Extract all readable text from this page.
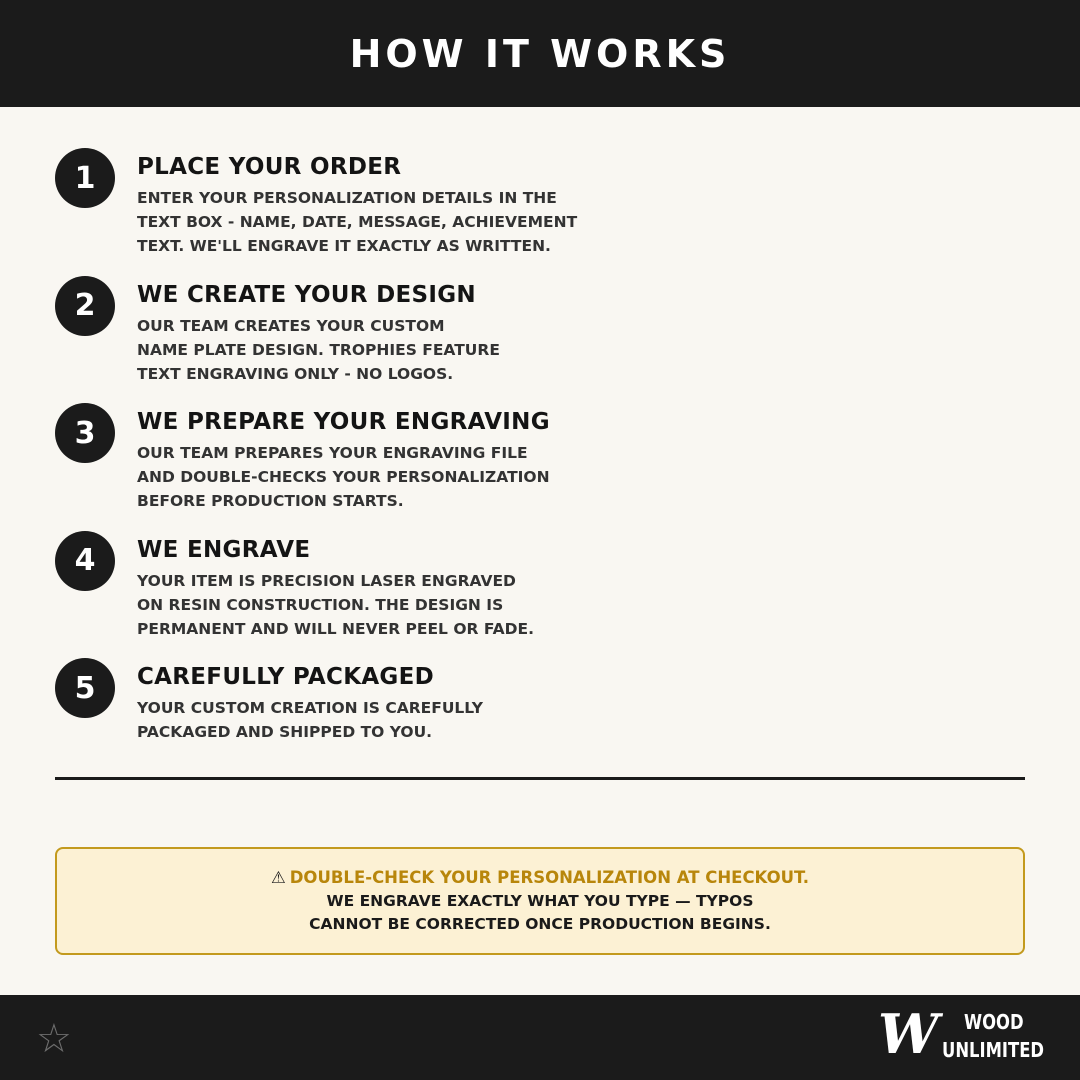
HOW IT WORKS
1	PLACE YOUR ORDER
ENTER YOUR PERSONALIZATION DETAILS IN THE
TEXT BOX - NAME, DATE, MESSAGE, ACHIEVEMENT
TEXT. WE'LL ENGRAVE IT EXACTLY AS WRITTEN.
2	WE CREATE YOUR DESIGN
OUR TEAM CREATES YOUR CUSTOM
NAME PLATE DESIGN. TROPHIES FEATURE
TEXT ENGRAVING ONLY - NO LOGOS.
3	WE PREPARE YOUR ENGRAVING
OUR TEAM PREPARES YOUR ENGRAVING FILE
AND DOUBLE-CHECKS YOUR PERSONALIZATION
BEFORE PRODUCTION STARTS.
4	WE ENGRAVE
YOUR ITEM IS PRECISION LASER ENGRAVED
ON RESIN CONSTRUCTION. THE DESIGN IS
PERMANENT AND WILL NEVER PEEL OR FADE.
5	CAREFULLY PACKAGED
YOUR CUSTOM CREATION IS CAREFULLY
PACKAGED AND SHIPPED TO YOU.
⚠ DOUBLE-CHECK YOUR PERSONALIZATION AT CHECKOUT.
WE ENGRAVE EXACTLY WHAT YOU TYPE — TYPOS
CANNOT BE CORRECTED ONCE PRODUCTION BEGINS.
☆	W WOOD
UNLIMITED
